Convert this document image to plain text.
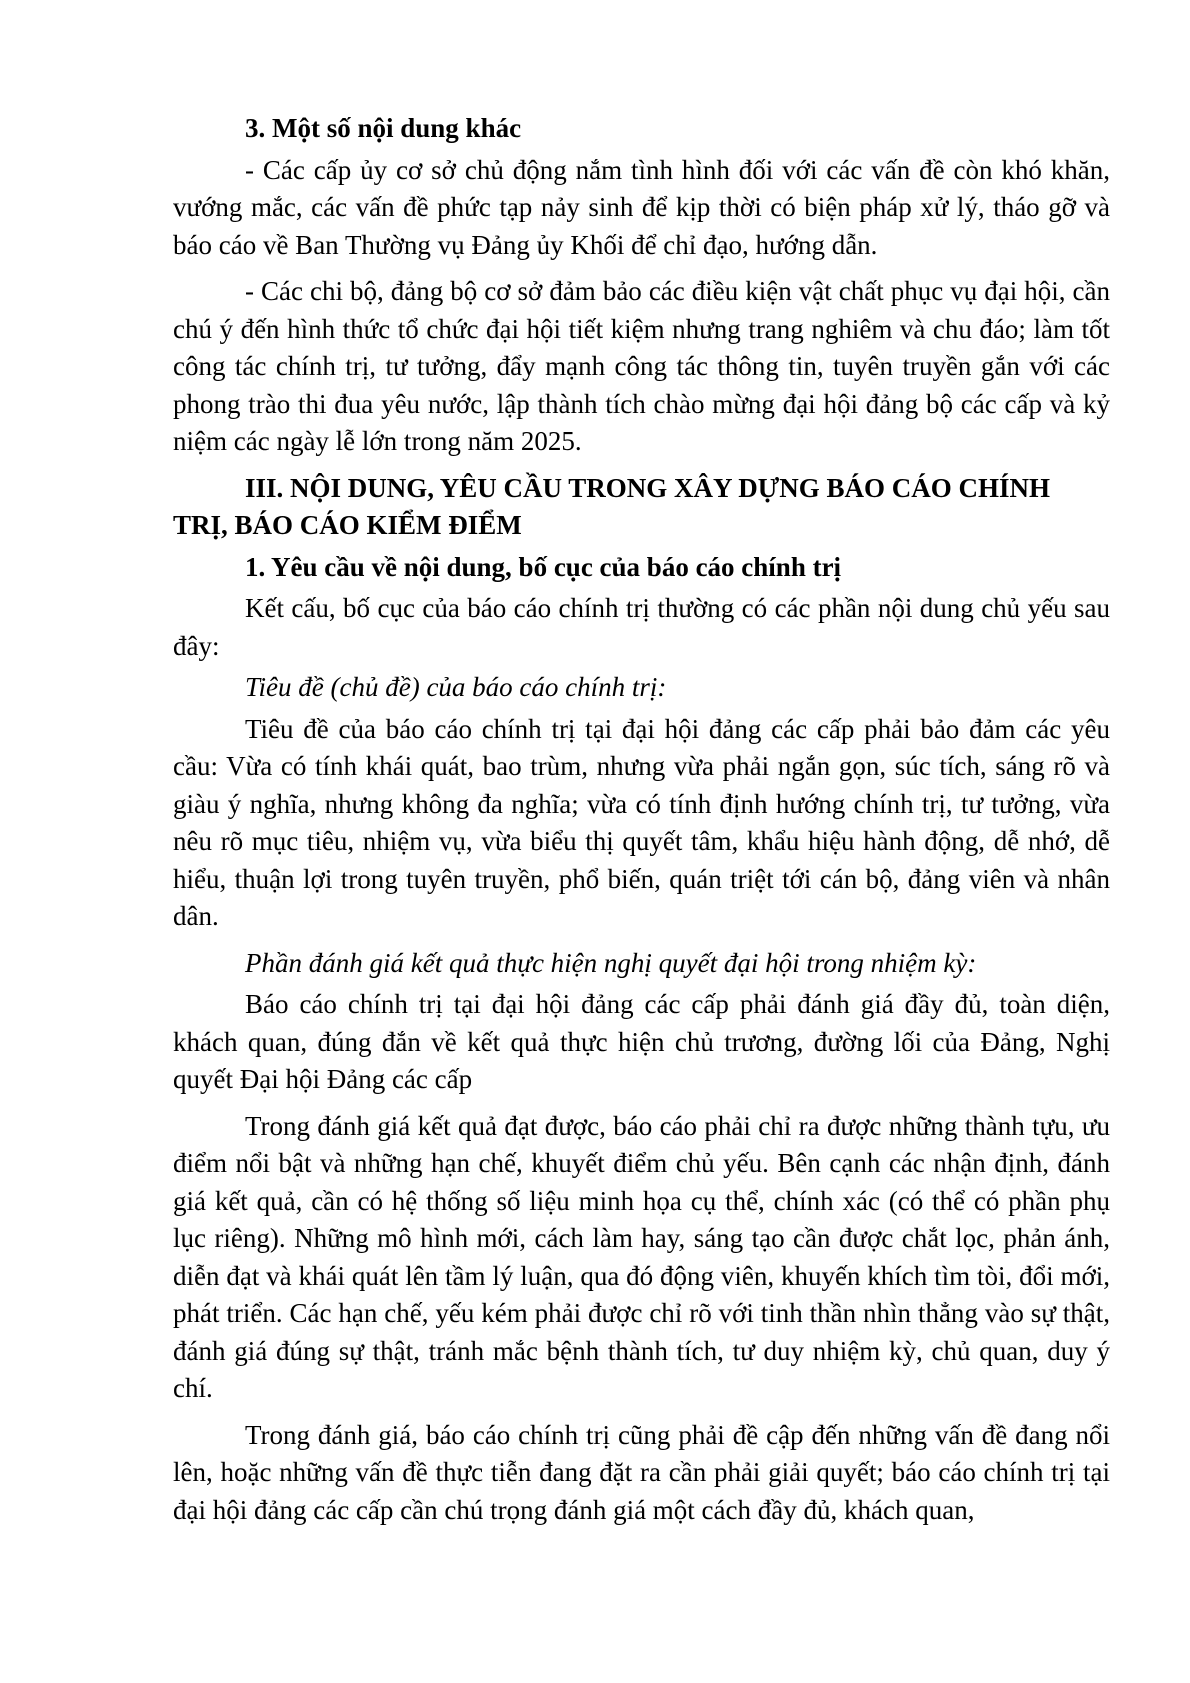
3. Một số nội dung khác

- Các cấp ủy cơ sở chủ động nắm tình hình đối với các vấn đề còn khó khăn, vướng mắc, các vấn đề phức tạp nảy sinh để kịp thời có biện pháp xử lý, tháo gỡ và báo cáo về Ban Thường vụ Đảng ủy Khối để chỉ đạo, hướng dẫn.

- Các chi bộ, đảng bộ cơ sở đảm bảo các điều kiện vật chất phục vụ đại hội, cần chú ý đến hình thức tổ chức đại hội tiết kiệm nhưng trang nghiêm và chu đáo; làm tốt công tác chính trị, tư tưởng, đẩy mạnh công tác thông tin, tuyên truyền gắn với các phong trào thi đua yêu nước, lập thành tích chào mừng đại hội đảng bộ các cấp và kỷ niệm các ngày lễ lớn trong năm 2025.

III. NỘI DUNG, YÊU CẦU TRONG XÂY DỰNG BÁO CÁO CHÍNH TRỊ, BÁO CÁO KIỂM ĐIỂM

1. Yêu cầu về nội dung, bố cục của báo cáo chính trị

Kết cấu, bố cục của báo cáo chính trị thường có các phần nội dung chủ yếu sau đây:

Tiêu đề (chủ đề) của báo cáo chính trị:

Tiêu đề của báo cáo chính trị tại đại hội đảng các cấp phải bảo đảm các yêu cầu: Vừa có tính khái quát, bao trùm, nhưng vừa phải ngắn gọn, súc tích, sáng rõ và giàu ý nghĩa, nhưng không đa nghĩa; vừa có tính định hướng chính trị, tư tưởng, vừa nêu rõ mục tiêu, nhiệm vụ, vừa biểu thị quyết tâm, khẩu hiệu hành động, dễ nhớ, dễ hiểu, thuận lợi trong tuyên truyền, phổ biến, quán triệt tới cán bộ, đảng viên và nhân dân.

Phần đánh giá kết quả thực hiện nghị quyết đại hội trong nhiệm kỳ:

Báo cáo chính trị tại đại hội đảng các cấp phải đánh giá đầy đủ, toàn diện, khách quan, đúng đắn về kết quả thực hiện chủ trương, đường lối của Đảng, Nghị quyết Đại hội Đảng các cấp

Trong đánh giá kết quả đạt được, báo cáo phải chỉ ra được những thành tựu, ưu điểm nổi bật và những hạn chế, khuyết điểm chủ yếu. Bên cạnh các nhận định, đánh giá kết quả, cần có hệ thống số liệu minh họa cụ thể, chính xác (có thể có phần phụ lục riêng). Những mô hình mới, cách làm hay, sáng tạo cần được chắt lọc, phản ánh, diễn đạt và khái quát lên tầm lý luận, qua đó động viên, khuyến khích tìm tòi, đổi mới, phát triển. Các hạn chế, yếu kém phải được chỉ rõ với tinh thần nhìn thẳng vào sự thật, đánh giá đúng sự thật, tránh mắc bệnh thành tích, tư duy nhiệm kỳ, chủ quan, duy ý chí.

Trong đánh giá, báo cáo chính trị cũng phải đề cập đến những vấn đề đang nổi lên, hoặc những vấn đề thực tiễn đang đặt ra cần phải giải quyết; báo cáo chính trị tại đại hội đảng các cấp cần chú trọng đánh giá một cách đầy đủ, khách quan,
